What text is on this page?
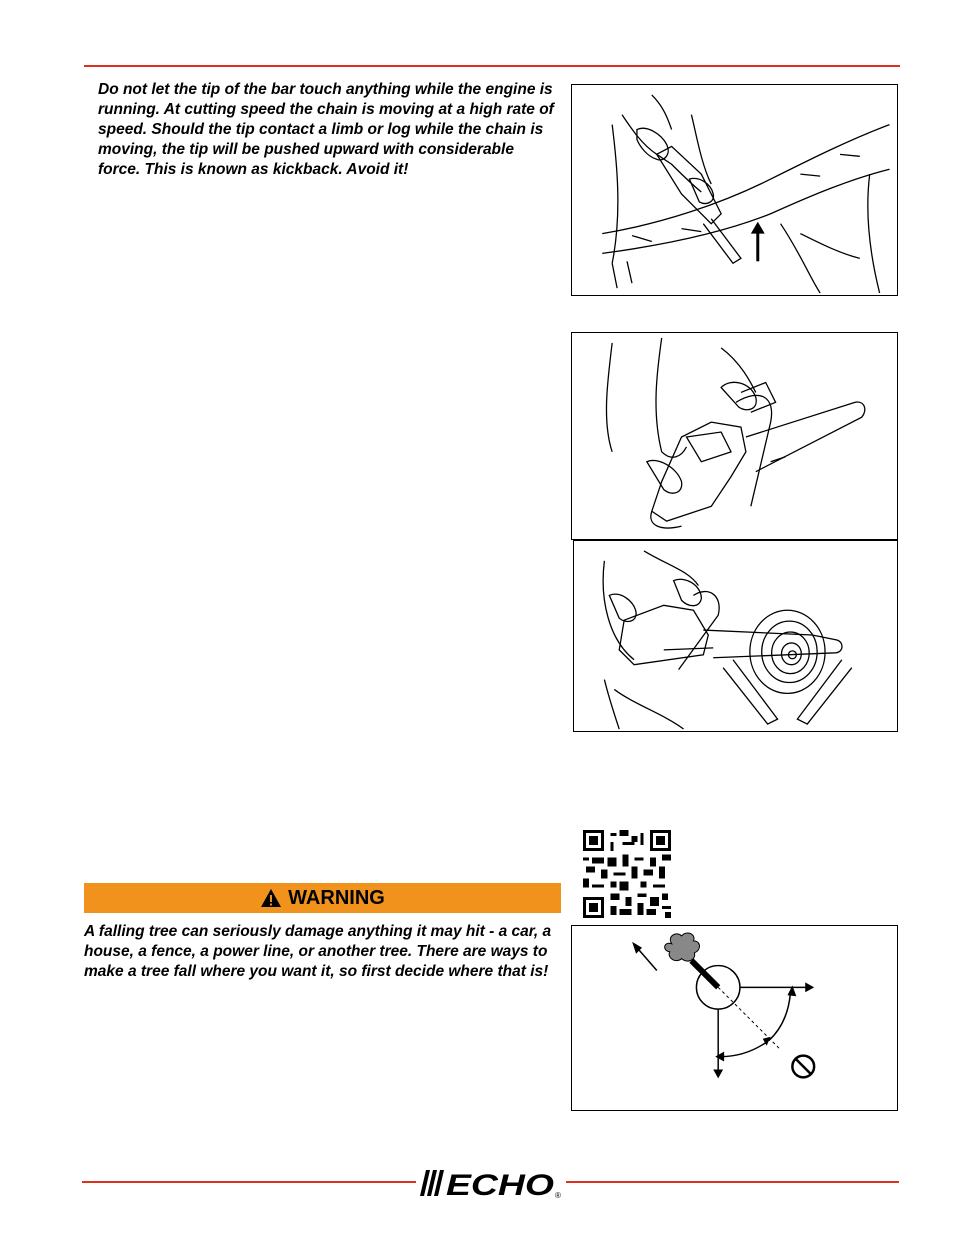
Do not let the tip of the bar touch anything while the engine is running. At cutting speed the chain is moving at a high rate of speed. Should the tip contact a limb or log while the chain is moving, the tip will be pushed upward with considerable force. This is known as kickback. Avoid it!

WARNING

A falling tree can seriously damage anything it may hit - a car, a house, a fence, a power line, or another tree. There are ways to make a tree fall where you want it, so first decide where that is!

ECHO ®
